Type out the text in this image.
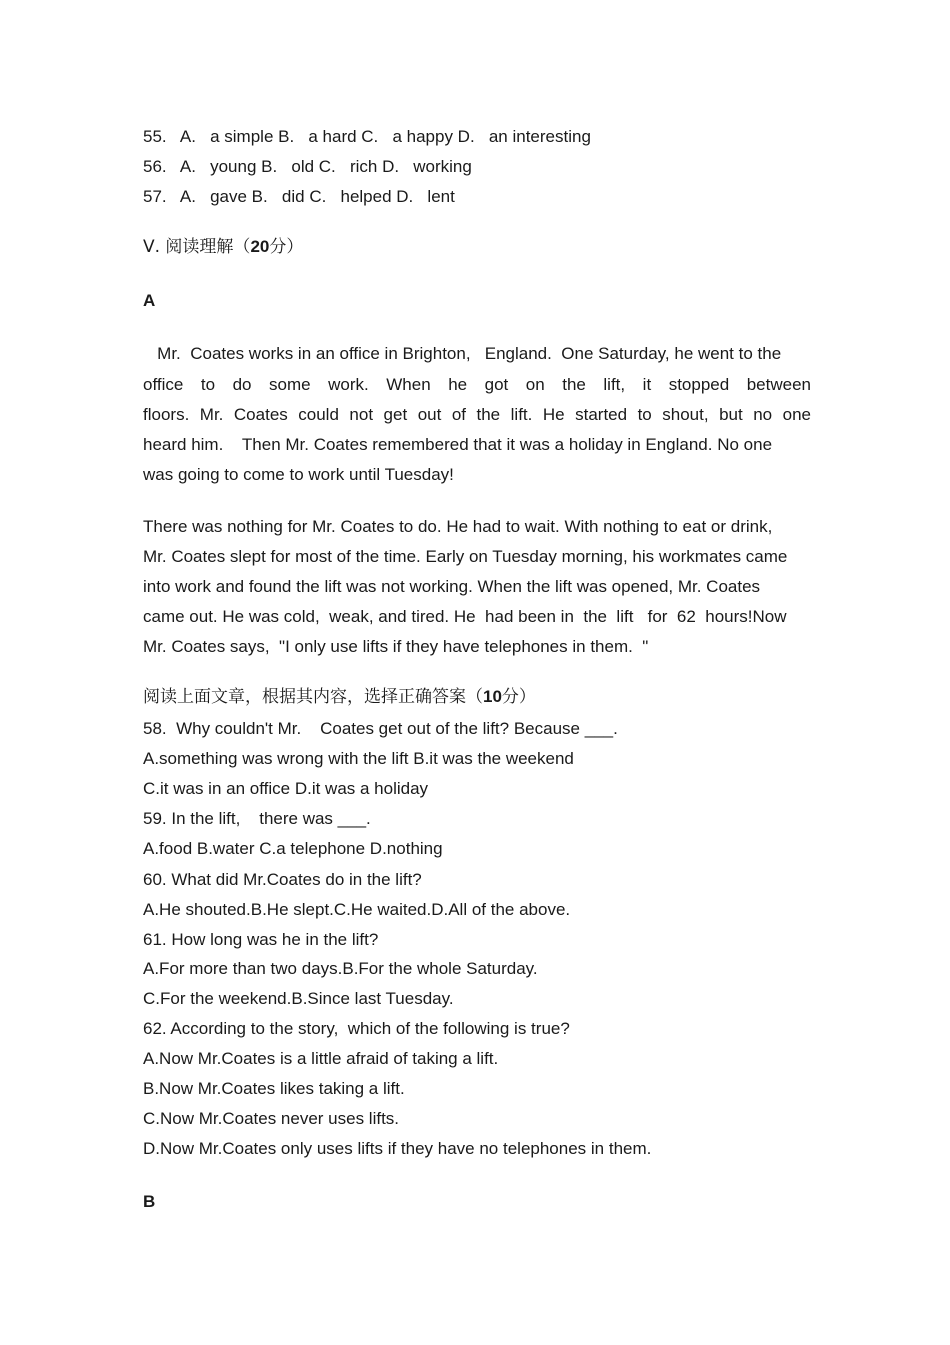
55.   A.   a simple B.   a hard C.   a happy D.   an interesting
56.   A.   young B.   old C.   rich D.   working
57.   A.   gave B.   did C.   helped D.   lent
Ⅴ. 阅读理解（20分）
A
Mr.  Coates works in an office in Brighton,   England.  One Saturday, he went to the
office to do some work. When he got on the lift, it stopped between
floors. Mr. Coates could not get out of the lift. He started to shout, but no one
heard him.    Then Mr. Coates remembered that it was a holiday in England. No one
was going to come to work until Tuesday!
There was nothing for Mr. Coates to do. He had to wait. With nothing to eat or drink,
Mr. Coates slept for most of the time. Early on Tuesday morning, his workmates came
into work and found the lift was not working. When the lift was opened, Mr. Coates
came out. He was cold,  weak, and tired. He  had been in  the  lift   for  62  hours!Now
Mr. Coates says,  "I only use lifts if they have telephones in them.  "
阅读上面文章，根据其内容，选择正确答案（10分）
58.  Why couldn't Mr.    Coates get out of the lift? Because ___.
A.something was wrong with the lift B.it was the weekend
C.it was in an office D.it was a holiday
59. In the lift,    there was ___.
A.food B.water C.a telephone D.nothing
60. What did Mr.Coates do in the lift?
A.He shouted.B.He slept.C.He waited.D.All of the above.
61. How long was he in the lift?
A.For more than two days.B.For the whole Saturday.
C.For the weekend.B.Since last Tuesday.
62. According to the story,  which of the following is true?
A.Now Mr.Coates is a little afraid of taking a lift.
B.Now Mr.Coates likes taking a lift.
C.Now Mr.Coates never uses lifts.
D.Now Mr.Coates only uses lifts if they have no telephones in them.
B
